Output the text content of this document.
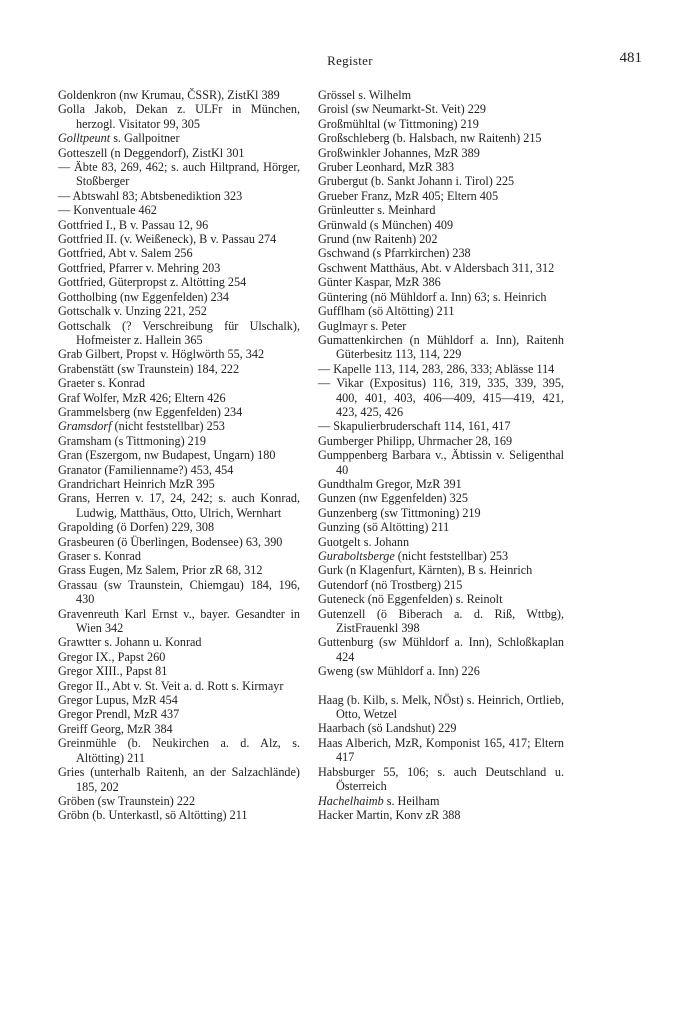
Register	481
Goldenkron (nw Krumau, ČSSR), ZistKl 389
Golla Jakob, Dekan z. ULFr in München, herzogl. Visitator 99, 305
Golltpeunt s. Gallpoitner
Gotteszell (n Deggendorf), ZistKl 301
— Äbte 83, 269, 462; s. auch Hiltprand, Hörger, Stoßberger
— Abtswahl 83; Abtsbenediktion 323
— Konventuale 462
Gottfried I., B v. Passau 12, 96
Gottfried II. (v. Weißeneck), B v. Passau 274
Gottfried, Abt v. Salem 256
Gottfried, Pfarrer v. Mehring 203
Gottfried, Güterpropst z. Altötting 254
Gottholbing (nw Eggenfelden) 234
Gottschalk v. Unzing 221, 252
Gottschalk (? Verschreibung für Ulschalk), Hofmeister z. Hallein 365
Grab Gilbert, Propst v. Höglwörth 55, 342
Grabenstätt (sw Traunstein) 184, 222
Graeter s. Konrad
Graf Wolfer, MzR 426; Eltern 426
Grammelsberg (nw Eggenfelden) 234
Gramsdorf (nicht feststellbar) 253
Gramsham (s Tittmoning) 219
Gran (Eszergom, nw Budapest, Ungarn) 180
Granator (Familienname?) 453, 454
Grandrichart Heinrich MzR 395
Grans, Herren v. 17, 24, 242; s. auch Konrad, Ludwig, Matthäus, Otto, Ulrich, Wernhart
Grapolding (ö Dorfen) 229, 308
Grasbeuren (ö Überlingen, Bodensee) 63, 390
Graser s. Konrad
Grass Eugen, Mz Salem, Prior zR 68, 312
Grassau (sw Traunstein, Chiemgau) 184, 196, 430
Gravenreuth Karl Ernst v., bayer. Gesandter in Wien 342
Grawtter s. Johann u. Konrad
Gregor IX., Papst 260
Gregor XIII., Papst 81
Gregor II., Abt v. St. Veit a. d. Rott s. Kirmayr
Gregor Lupus, MzR 454
Gregor Prendl, MzR 437
Greiff Georg, MzR 384
Greinmühle (b. Neukirchen a. d. Alz, s. Altötting) 211
Gries (unterhalb Raitenh, an der Salzachlände) 185, 202
Gröben (sw Traunstein) 222
Gröbn (b. Unterkastl, sö Altötting) 211
Grössel s. Wilhelm
Groisl (sw Neumarkt-St. Veit) 229
Großmühltal (w Tittmoning) 219
Großschleberg (b. Halsbach, nw Raitenh) 215
Großwinkler Johannes, MzR 389
Gruber Leonhard, MzR 383
Grubergut (b. Sankt Johann i. Tirol) 225
Grueber Franz, MzR 405; Eltern 405
Grünleutter s. Meinhard
Grünwald (s München) 409
Grund (nw Raitenh) 202
Gschwand (s Pfarrkirchen) 238
Gschwent Matthäus, Abt. v Aldersbach 311, 312
Günter Kaspar, MzR 386
Güntering (nö Mühldorf a. Inn) 63; s. Heinrich
Gufflham (sö Altötting) 211
Guglmayr s. Peter
Gumattenkirchen (n Mühldorf a. Inn), Raitenh Güterbesitz 113, 114, 229
— Kapelle 113, 114, 283, 286, 333; Ablässe 114
— Vikar (Expositus) 116, 319, 335, 339, 395, 400, 401, 403, 406—409, 415—419, 421, 423, 425, 426
— Skapulierbruderschaft 114, 161, 417
Gumberger Philipp, Uhrmacher 28, 169
Gumppenberg Barbara v., Äbtissin v. Seligenthal 40
Gundthalm Gregor, MzR 391
Gunzen (nw Eggenfelden) 325
Gunzenberg (sw Tittmoning) 219
Gunzing (sö Altötting) 211
Guotgelt s. Johann
Guraboltsberge (nicht feststellbar) 253
Gurk (n Klagenfurt, Kärnten), B s. Heinrich
Gutendorf (nö Trostberg) 215
Guteneck (nö Eggenfelden) s. Reinolt
Gutenzell (ö Biberach a. d. Riß, Wttbg), ZistFrauenkl 398
Guttenburg (sw Mühldorf a. Inn), Schloßkaplan 424
Gweng (sw Mühldorf a. Inn) 226
Haag (b. Kilb, s. Melk, NÖst) s. Heinrich, Ortlieb, Otto, Wetzel
Haarbach (sö Landshut) 229
Haas Alberich, MzR, Komponist 165, 417; Eltern 417
Habsburger 55, 106; s. auch Deutschland u. Österreich
Hachelhaimb s. Heilham
Hacker Martin, Konv zR 388
